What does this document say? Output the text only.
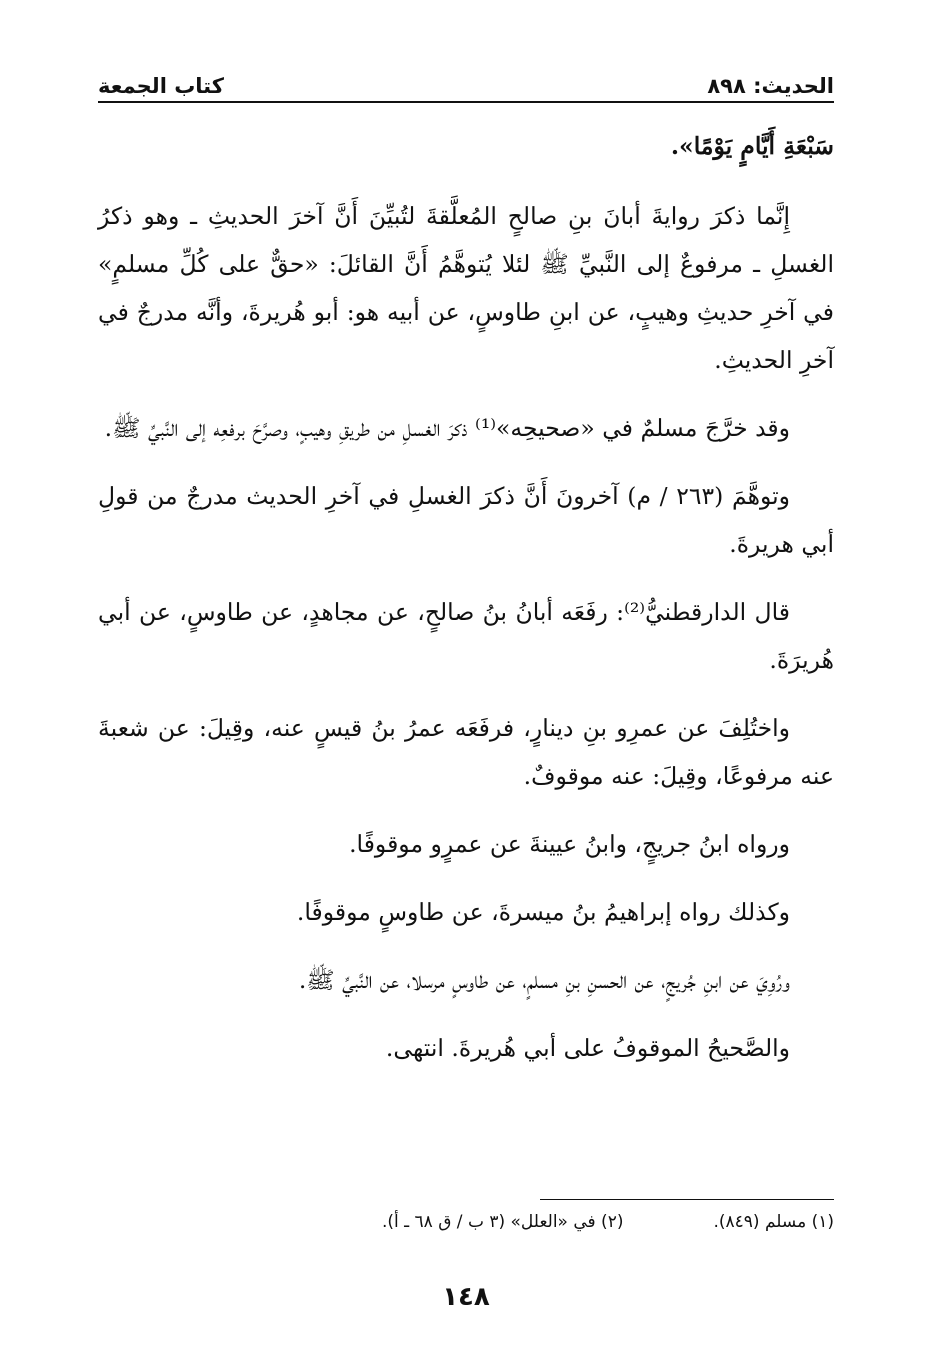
الحديث: ٨٩٨
كتاب الجمعة

سَبْعَةِ أَيَّامٍ يَوْمًا».

إِنَّما ذكرَ روايةَ أبانَ بنِ صالحٍ المُعلَّقةَ لتُبيِّنَ أَنَّ آخرَ الحديثِ ـ وهو ذكرُ الغسلِ ـ مرفوعٌ إلى النَّبيِّ ﷺ لئلا يُتوهَّمُ أَنَّ القائلَ: «حقٌّ على كُلِّ مسلمٍ» في آخرِ حديثِ وهيبٍ، عن ابنِ طاوسٍ، عن أبيه هو: أبو هُريرةَ، وأنَّه مدرجٌ في آخرِ الحديثِ.

وقد خرَّجَ مسلمٌ في «صحيحِه»⁽¹⁾ ذكرَ الغسلِ من طريقِ وهيبٍ، وصرَّحَ برفعِه إلى النَّبيِّ ﷺ.

وتوهَّمَ (٢٦٣ / م) آخرونَ أَنَّ ذكرَ الغسلِ في آخرِ الحديث مدرجٌ من قولِ أبي هريرةَ.

قال الدارقطنيُّ⁽²⁾: رفَعَه أبانُ بنُ صالحٍ، عن مجاهدٍ، عن طاوسٍ، عن أبي هُريرَةَ.

واختُلِفَ عن عمرِو بنِ دينارٍ، فرفَعَه عمرُ بنُ قيسٍ عنه، وقِيلَ: عن شعبةَ عنه مرفوعًا، وقِيلَ: عنه موقوفٌ.

ورواه ابنُ جريجٍ، وابنُ عيينةَ عن عمرٍو موقوفًا.

وكذلك رواه إبراهيمُ بنُ ميسرةَ، عن طاوسٍ موقوفًا.

ورُوِيَ عن ابنِ جُريجٍ، عن الحسنِ بنِ مسلمٍ، عن طاوسٍ مرسلا، عن النَّبيِّ ﷺ.

والصَّحيحُ الموقوفُ على أبي هُريرةَ. انتهى.

(١) مسلم (٨٤٩).
(٢) في «العلل» (٣ ب / ق ٦٨ ـ أ).
١٤٨
